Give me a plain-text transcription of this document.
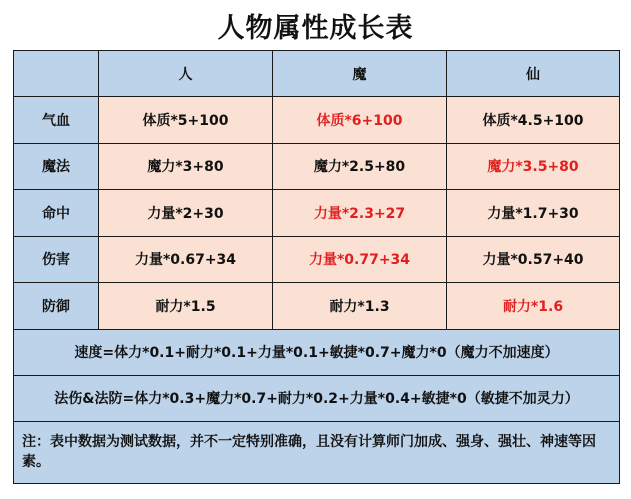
人物属性成长表
	人	魔	仙
气血	体质*5+100	体质*6+100	体质*4.5+100
魔法	魔力*3+80	魔力*2.5+80	魔力*3.5+80
命中	力量*2+30	力量*2.3+27	力量*1.7+30
伤害	力量*0.67+34	力量*0.77+34	力量*0.57+40
防御	耐力*1.5	耐力*1.3	耐力*1.6
速度=体力*0.1+耐力*0.1+力量*0.1+敏捷*0.7+魔力*0（魔力不加速度）			
法伤&法防=体力*0.3+魔力*0.7+耐力*0.2+力量*0.4+敏捷*0（敏捷不加灵力）			
注：表中数据为测试数据，并不一定特别准确，且没有计算师门加成、强身、强壮、神速等因素。			
